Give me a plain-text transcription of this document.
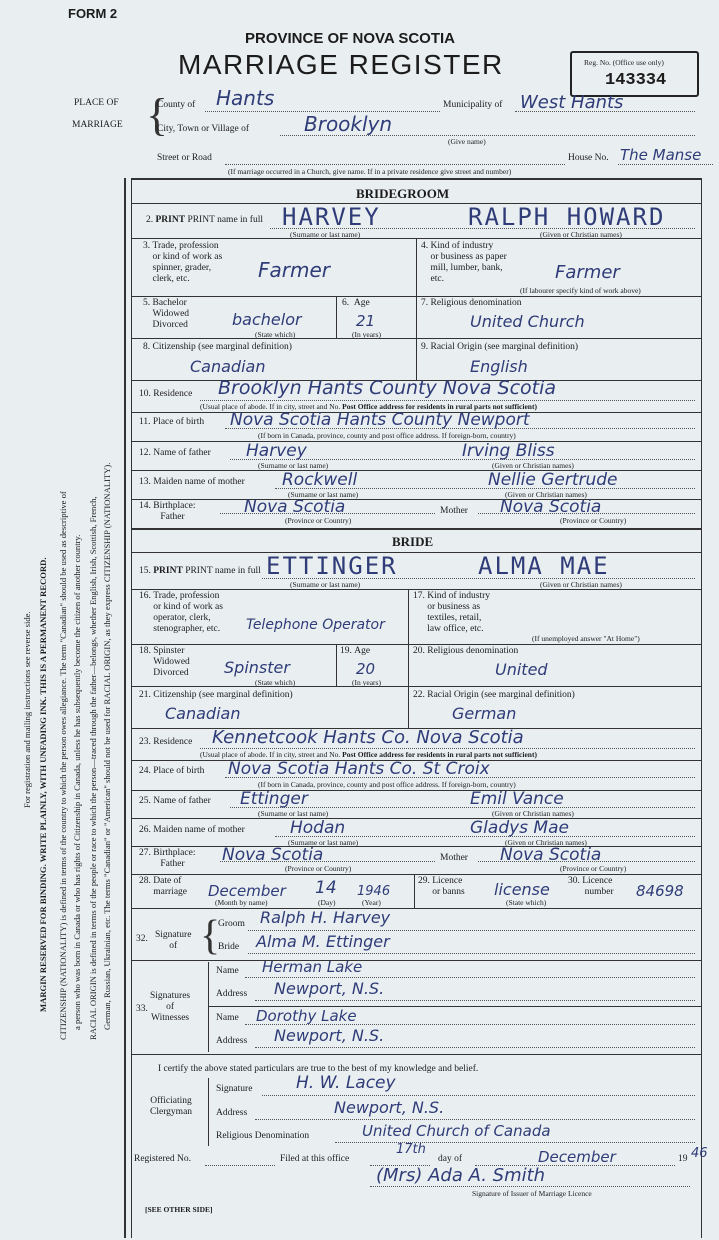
FORM 2
PROVINCE OF NOVA SCOTIA
MARRIAGE REGISTER	Reg. No. (Office use only)
143334
PLACE OF
MARRIAGE {
County of Hants	Municipality of West Hants
City, Town or Village of	Brooklyn
(Give name)
Street or Road	House No. The Manse
(If marriage occurred in a Church, give name. If in a private residence give street and number)
For registration and mailing instructions see reverse side. MARGIN RESERVED FOR BINDING. WRITE PLAINLY, WITH UNFADING INK. THIS IS A PERMANENT RECORD. CITIZENSHIP (NATIONALITY) is defined in terms of the country to which the person owes allegiance. The term "Canadian" should be used as descriptive of a person who was born in Canada or who has rights of Citizenship in Canada, unless he has subsequently become the citizen of another country. RACIAL ORIGIN is defined in terms of the people or race to which the person—traced through the father—belongs, whether English, Irish, Scottish, French, German, Russian, Ukrainian, etc. The terms "Canadian" or "American" should not be used for RACIAL ORIGIN, as they express CITIZENSHIP (NATIONALITY).
BRIDEGROOM
2. PRINT PRINT name in full HARVEY	RALPH HOWARD
(Surname or last name)	(Given or Christian names)
3. Trade, profession
or kind of work as
spinner, grader,
clerk, etc.	Farmer
4. Kind of industry
or business as paper
mill, lumber, bank,
etc.	Farmer
(If labourer specify kind of work above)
5. Bachelor
Widowed
Divorced	bachelor
(State which)
6.  Age
21
(In years)
7. Religious denomination
United Church
8. Citizenship (see marginal definition)
Canadian
9. Racial Origin (see marginal definition)
English
10. Residence Brooklyn Hants County Nova Scotia
(Usual place of abode. If in city, street and No. Post Office address for residents in rural parts not sufficient)
11. Place of birth Nova Scotia Hants County Newport
(If born in Canada, province, county and post office address. If foreign-born, country)
12. Name of father Harvey	Irving Bliss
(Surname or last name)	(Given or Christian names)
13. Maiden name of mother Rockwell	Nellie Gertrude
(Surname or last name)	(Given or Christian names)
14. Birthplace:
Father	Nova Scotia	Mother Nova Scotia
(Province or Country)	(Province or Country)
BRIDE
15. PRINT PRINT name in full ETTINGER	ALMA MAE
(Surname or last name)	(Given or Christian names)
16. Trade, profession
or kind of work as
operator, clerk,
stenographer, etc. Telephone Operator
17. Kind of industry
or business as
textiles, retail,
law office, etc.
(If unemployed answer "At Home")
18. Spinster
Widowed
Divorced Spinster
(State which)
19. Age
20
(In years)
20. Religious denomination
United
21. Citizenship (see marginal definition)
Canadian
22. Racial Origin (see marginal definition)
German
23. Residence Kennetcook Hants Co. Nova Scotia
(Usual place of abode. If in city, street and No. Post Office address for residents in rural parts not sufficient)
24. Place of birth Nova Scotia Hants Co. St Croix
(If born in Canada, province, county and post office address. If foreign-born, country)
25. Name of father Ettinger	Emil Vance
(Surname or last name)	(Given or Christian names)
26. Maiden name of mother	Hodan	Gladys Mae
(Surname or last name)	(Given or Christian names)
27. Birthplace:
Father	Nova Scotia	Mother Nova Scotia
(Province or Country)	(Province or Country)
28. Date of
marriage December 14 1946
(Month by name)	(Day)	(Year)
29. Licence
or banns license
(State which)
30. Licence
number 84698
32. Signature
of {
Groom Ralph H. Harvey
Bride Alma M. Ettinger
33.
Signatures
of
Witnesses
Name Herman Lake
Address Newport, N.S.
Name Dorothy Lake
Address Newport, N.S.
I certify the above stated particulars are true to the best of my knowledge and belief.
Officiating
Clergyman
Signature	H. W. Lacey
Address	Newport, N.S.
Religious Denomination	United Church of Canada
Registered No.	Filed at this office
17th
day of	December	19 46
(Mrs) Ada A. Smith
Signature of Issuer of Marriage Licence
[SEE OTHER SIDE]
